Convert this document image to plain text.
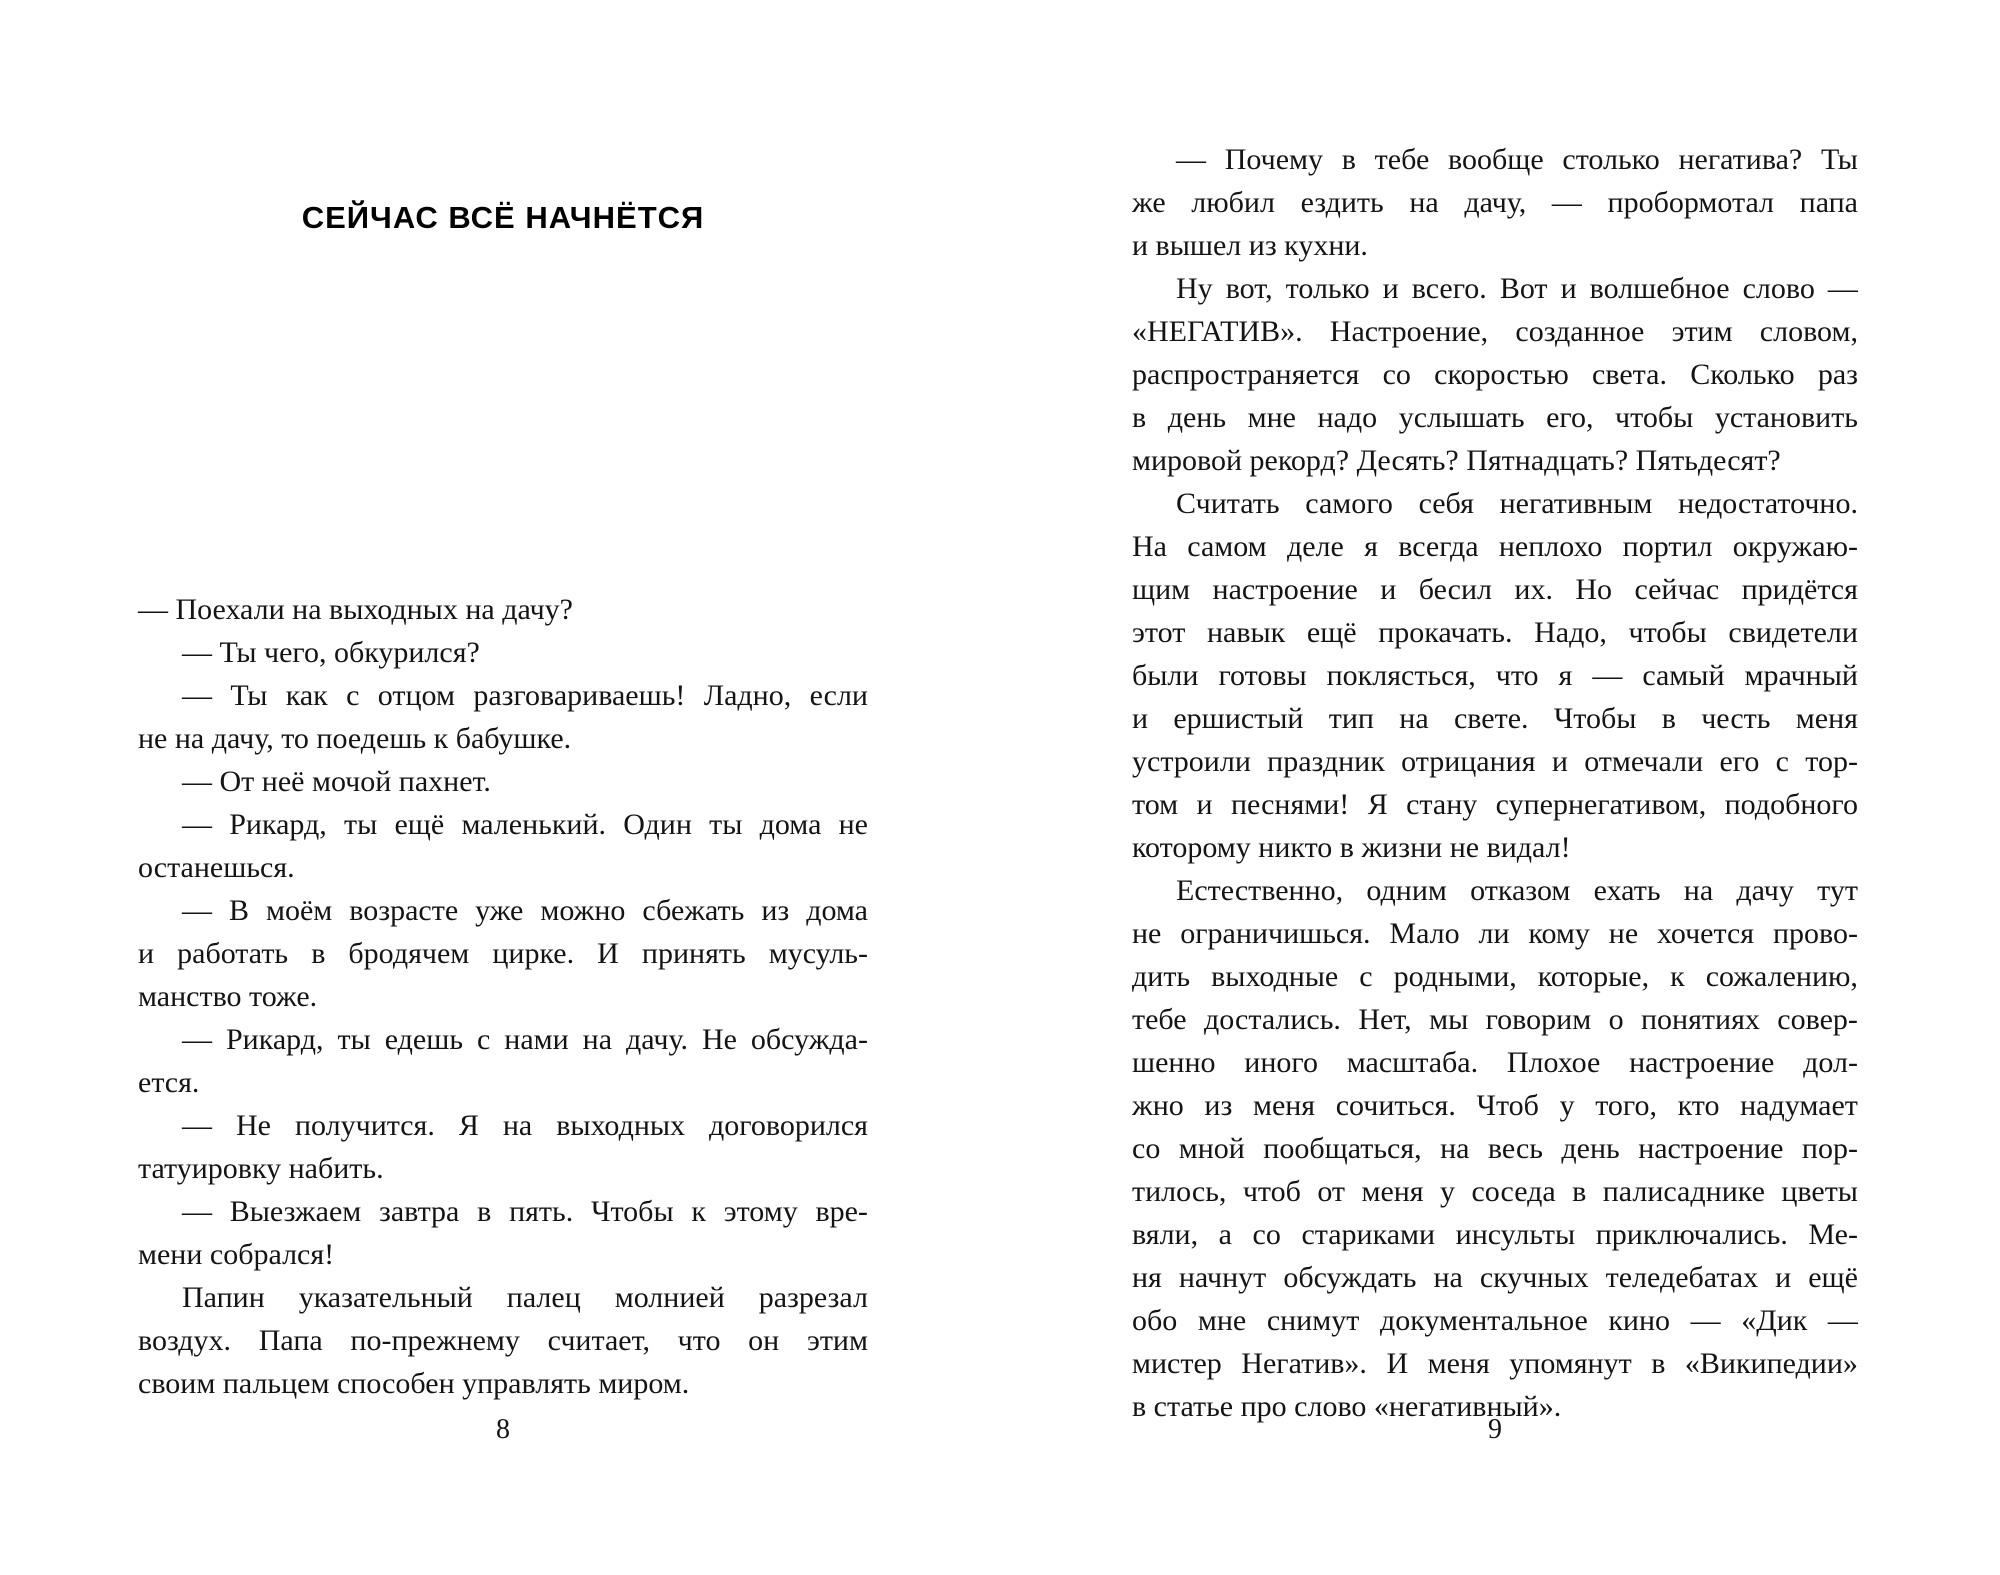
СЕЙЧАС ВСЁ НАЧНЁТСЯ
— Поехали на выходных на дачу?
— Ты чего, обкурился?
— Ты как с отцом разговариваешь! Ладно, если
не на дачу, то поедешь к бабушке.
— От неё мочой пахнет.
— Рикард, ты ещё маленький. Один ты дома не
останешься.
— В моём возрасте уже можно сбежать из дома
и работать в бродячем цирке. И принять мусуль-
манство тоже.
— Рикард, ты едешь с нами на дачу. Не обсужда-
ется.
— Не получится. Я на выходных договорился
татуировку набить.
— Выезжаем завтра в пять. Чтобы к этому вре-
мени собрался!
Папин указательный палец молнией разрезал
воздух. Папа по-прежнему считает, что он этим
своим пальцем способен управлять миром.
8
— Почему в тебе вообще столько негатива? Ты
же любил ездить на дачу, — пробормотал папа
и вышел из кухни.
Ну вот, только и всего. Вот и волшебное слово —
«НЕГАТИВ». Настроение, созданное этим словом,
распространяется со скоростью света. Сколько раз
в день мне надо услышать его, чтобы установить
мировой рекорд? Десять? Пятнадцать? Пятьдесят?
Считать самого себя негативным недостаточно.
На самом деле я всегда неплохо портил окружаю-
щим настроение и бесил их. Но сейчас придётся
этот навык ещё прокачать. Надо, чтобы свидетели
были готовы поклясться, что я — самый мрачный
и ершистый тип на свете. Чтобы в честь меня
устроили праздник отрицания и отмечали его с тор-
том и песнями! Я стану супернегативом, подобного
которому никто в жизни не видал!
Естественно, одним отказом ехать на дачу тут
не ограничишься. Мало ли кому не хочется прово-
дить выходные с родными, которые, к сожалению,
тебе достались. Нет, мы говорим о понятиях совер-
шенно иного масштаба. Плохое настроение дол-
жно из меня сочиться. Чтоб у того, кто надумает
со мной пообщаться, на весь день настроение пор-
тилось, чтоб от меня у соседа в палисаднике цветы
вяли, а со стариками инсульты приключались. Ме-
ня начнут обсуждать на скучных теледебатах и ещё
обо мне снимут документальное кино — «Дик —
мистер Негатив». И меня упомянут в «Википедии»
в статье про слово «негативный».
9
